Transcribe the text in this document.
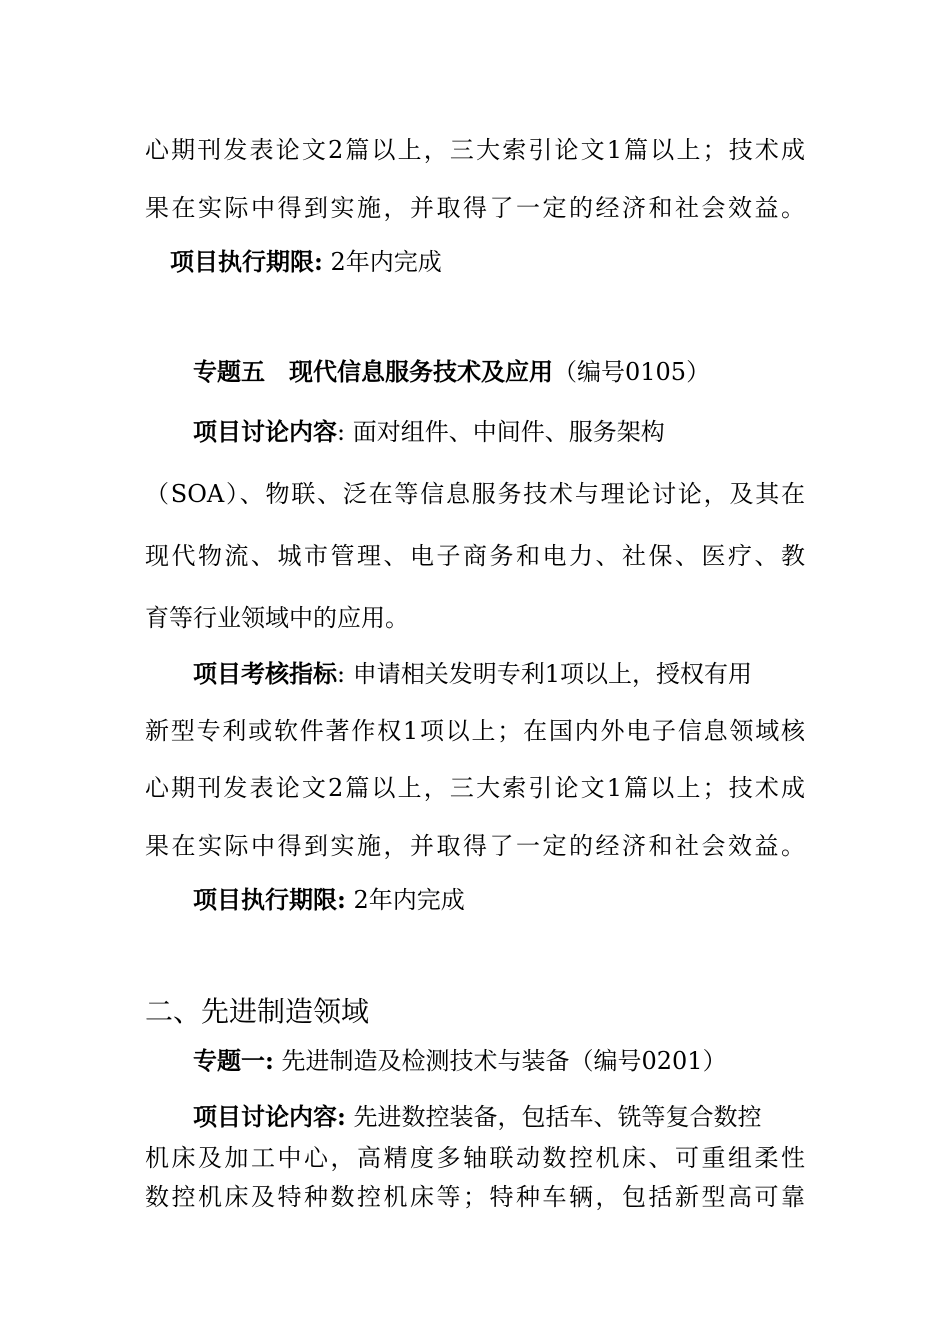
心期刊发表论文2篇以上，三大索引论文1篇以上；技术成
果在实际中得到实施，并取得了一定的经济和社会效益。
项目执行期限: 2年内完成
专题五　现代信息服务技术及应用（编号0105）
项目讨论内容: 面对组件、中间件、服务架构
（SOA）、物联、泛在等信息服务技术与理论讨论，及其在
现代物流、城市管理、电子商务和电力、社保、医疗、教
育等行业领域中的应用。
项目考核指标: 申请相关发明专利1项以上，授权有用
新型专利或软件著作权1项以上；在国内外电子信息领域核
心期刊发表论文2篇以上，三大索引论文1篇以上；技术成
果在实际中得到实施，并取得了一定的经济和社会效益。
项目执行期限: 2年内完成
二、先进制造领域
专题一: 先进制造及检测技术与装备（编号0201）
项目讨论内容: 先进数控装备，包括车、铣等复合数控
机床及加工中心，高精度多轴联动数控机床、可重组柔性
数控机床及特种数控机床等；特种车辆，包括新型高可靠
